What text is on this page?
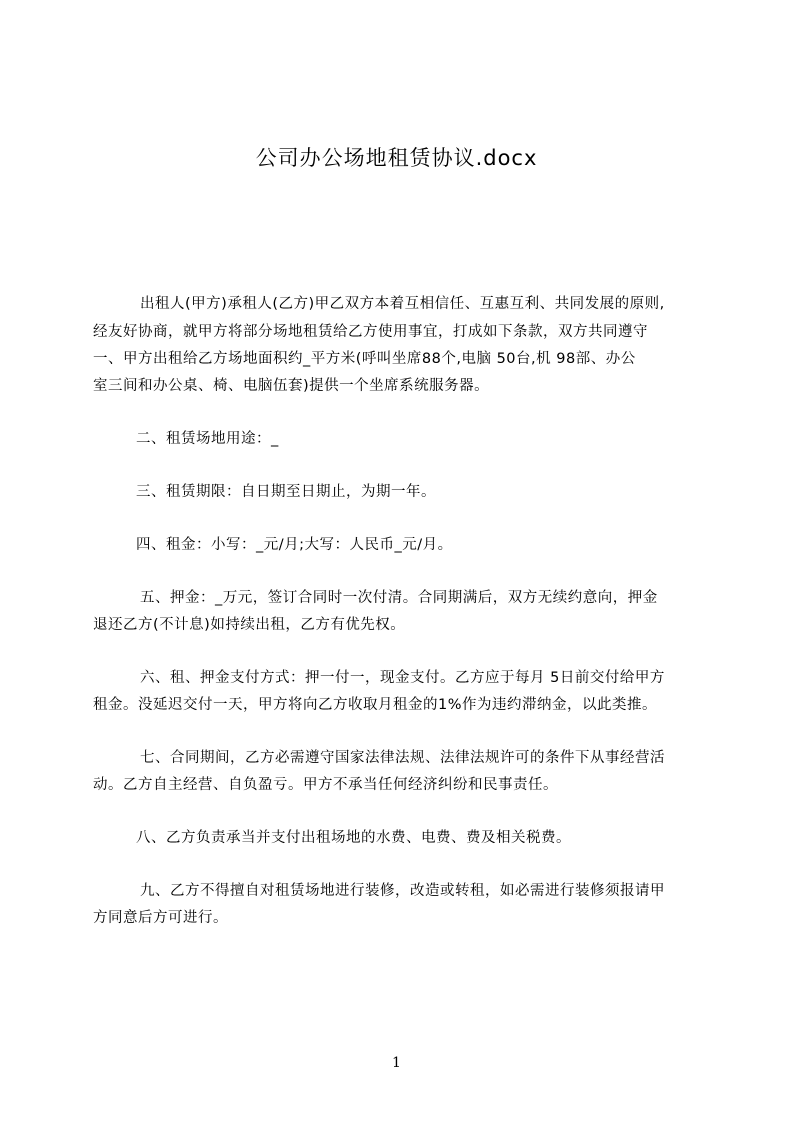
公司办公场地租赁协议.docx
出租人(甲方)承租人(乙方)甲乙双方本着互相信任、互惠互利、共同发展的原则,
经友好协商，就甲方将部分场地租赁给乙方使用事宜，打成如下条款，双方共同遵守
一、甲方出租给乙方场地面积约_平方米(呼叫坐席88个,电脑 50台,机 98部、办公
室三间和办公桌、椅、电脑伍套)提供一个坐席系统服务器。
二、租赁场地用途：_
三、租赁期限：自日期至日期止，为期一年。
四、租金：小写：_元/月;大写：人民币_元/月。
五、押金：_万元，签订合同时一次付清。合同期满后，双方无续约意向，押金
退还乙方(不计息)如持续出租，乙方有优先权。
六、租、押金支付方式：押一付一，现金支付。乙方应于每月 5日前交付给甲方
租金。没延迟交付一天，甲方将向乙方收取月租金的1%作为违约滞纳金，以此类推。
七、合同期间，乙方必需遵守国家法律法规、法律法规许可的条件下从事经营活
动。乙方自主经营、自负盈亏。甲方不承当任何经济纠纷和民事责任。
八、乙方负责承当并支付出租场地的水费、电费、费及相关税费。
九、乙方不得擅自对租赁场地进行装修，改造或转租，如必需进行装修须报请甲
方同意后方可进行。
1
